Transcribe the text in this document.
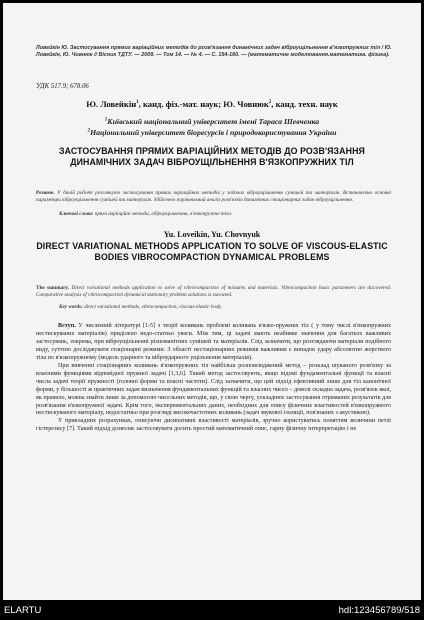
Ловейкін Ю. Застосування прямих варіаційних методів до розв'язання динамічних задач віброущільнення в'язкопружних тіл / Ю. Ловейкін, Ю. Човнюк // Вісник ТДТУ. — 2009. — Том 14. — № 4. — С. 154-160. — (математичне моделювання.математика. фізика).
УДК 517.9; 678.06
Ю. Ловейкін$^1$, канд. фіз.-мат. наук; Ю. Човнюк$^2$, канд. техн. наук
$^1$Київський національний університет імені Тараса Шевченка
$^2$Національний університет біоресурсів і природокористування України
ЗАСТОСУВАННЯ ПРЯМИХ ВАРІАЦІЙНИХ МЕТОДІВ ДО РОЗВ'ЯЗАННЯ ДИНАМІЧНИХ ЗАДАЧ ВІБРОУЩІЛЬНЕННЯ В'ЯЗКОПРУЖНИХ ТІЛ
Резюме. У даній роботі розглянуто застосування прямих варіаційних методів у задачах віброущільнення сумішей та матеріалів. Встановлено основні параметри віброущільнення сумішей та матеріалів. Здійснено порівняльний аналіз розв'язків динамічних стаціонарних задач віброущільнення.
Ключові слова: прямі варіаційні методи, віброущільнення, в'язкопружне тіло.
Yu. Loveikin, Yu. Chovnyuk
DIRECT VARIATIONAL METHODS APPLICATION TO SOLVE OF VISCOUS-ELASTIC BODIES VIBROCOMPACTION DYNAMICAL PROBLEMS
The summary. Direct variational methods application to solve of vibrocompaction of mixtures and materials. Vibrocompaction basic parameters are discovered. Comparative analysis of vibrocompaction dynamical stationary problem solutions is executed.
Key words: direct variational methods, vibrocompaction, viscous-elastic body.

Вступ. У численній літературі [1-5] з теорії коливань проблемі коливань в'язко-пружних тіл ( у тому числі в'язкопружних нестискуваних матеріалів) приділено недо-статньо уваги. Між тим, ці задачі мають неабияке значення для багатьох важливих застосувань, зокрема, при віброущільненні різноманітних сумішей та матеріалів. Слід зазначити, що розглядаючи матеріали подібного виду, суттєво досліджувати стаціонарні режими. З області нестаціонарних режимів важливим є випадок удару абсолютно жорсткого тіла по в'язкопружному (модель ударного та віброударного ущільнення матеріалів).

При вивченні стаціонарних коливань в'язкопружних тіл найбільш розповсюджений метод – розклад шуканого розв'язку за власними функціями відповідної пружної задачі [1,3,6]. Такий метод застосовують, якщо відомі фундаментальні функції та власні числа задачі теорії пружності (головні форми та власні частоти). Слід зазначити, що цей підхід ефективний лише для тіл канонічної форми, у більшості ж практичних задач визначення фундаментальних функцій та власних чисел – доволі складна задача, розв'язок якої, як правило, можна знайти лише за допомогою чисельних методів, що, у свою чергу, ускладнює застосування отриманих результатів для розв'язання в'язкопружної задачі. Крім того, експериментальних даних, необхідних для опису фізичних властивостей в'язкопружного нестискуваного матеріалу, недостатньо при розгляді високочастотних коливань (задач звукової ізоляції, пов'язаних з акустикою).

У прикладних розрахунках, описуючи дисипативні властивості матеріалів, зручно користуватись поняттям величини петлі гістерезису [7]. Такий підхід дозволяє застосовувати досить простий математичний опис, гарну фізичну інтерпретацію і не

ELARTU	hdl:123456789/518
